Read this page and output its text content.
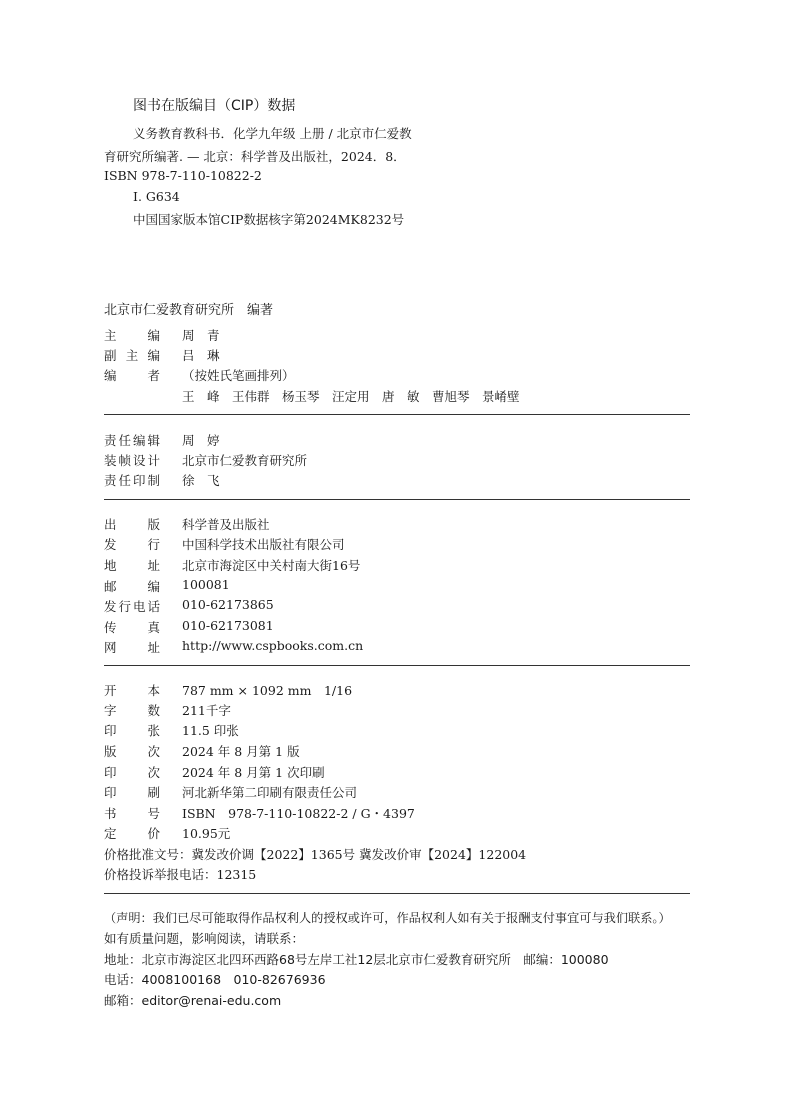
图书在版编目（CIP）数据
义务教育教科书．化学九年级 上册 / 北京市仁爱教
育研究所编著. — 北京：科学普及出版社，2024．8．
ISBN 978-7-110-10822-2
Ⅰ. G634
中国国家版本馆CIP数据核字第2024MK8232号
北京市仁爱教育研究所　编著
主编 周　青
副主编 吕　琳
编者 （按姓氏笔画排列）
王　峰　王伟群　杨玉琴　汪定用　唐　敏　曹旭琴　景崤壁
责任编辑 周　婷
装帧设计 北京市仁爱教育研究所
责任印制 徐　飞
出版 科学普及出版社
发行 中国科学技术出版社有限公司
地址 北京市海淀区中关村南大街16号
邮编 100081
发行电话 010-62173865
传真 010-62173081
网址 http://www.cspbooks.com.cn
开本 787 mm × 1092 mm　1/16
字数 211千字
印张 11.5 印张
版次 2024 年 8 月第 1 版
印次 2024 年 8 月第 1 次印刷
印刷 河北新华第二印刷有限责任公司
书号 ISBN　978-7-110-10822-2 / G・4397
定价 10.95元
价格批准文号：冀发改价调【2022】1365号 冀发改价审【2024】122004
价格投诉举报电话：12315
（声明：我们已尽可能取得作品权利人的授权或许可，作品权利人如有关于报酬支付事宜可与我们联系。）
如有质量问题，影响阅读，请联系：
地址：北京市海淀区北四环西路68号左岸工社12层北京市仁爱教育研究所　邮编：100080
电话：4008100168　010-82676936
邮箱：editor@renai-edu.com
